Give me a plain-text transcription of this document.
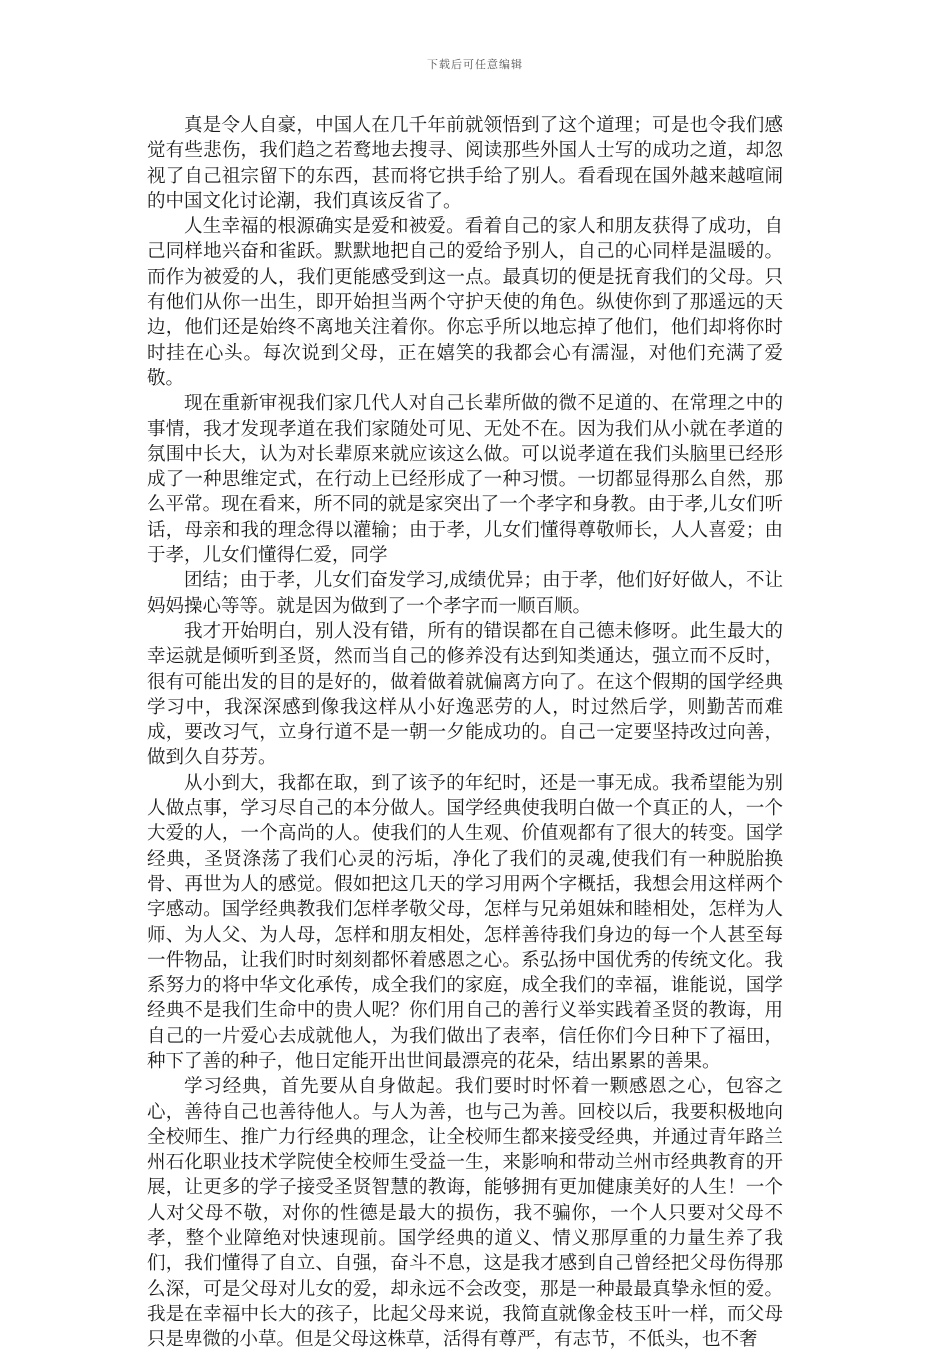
下载后可任意编辑

真是令人自豪，中国人在几千年前就领悟到了这个道理；可是也令我们感觉有些悲伤，我们趋之若鹜地去搜寻、阅读那些外国人士写的成功之道，却忽视了自己祖宗留下的东西，甚而将它拱手给了别人。看看现在国外越来越喧闹的中国文化讨论潮，我们真该反省了。

人生幸福的根源确实是爱和被爱。看着自己的家人和朋友获得了成功，自己同样地兴奋和雀跃。默默地把自己的爱给予别人，自己的心同样是温暖的。而作为被爱的人，我们更能感受到这一点。最真切的便是抚育我们的父母。只有他们从你一出生，即开始担当两个守护天使的角色。纵使你到了那遥远的天边，他们还是始终不离地关注着你。你忘乎所以地忘掉了他们，他们却将你时时挂在心头。每次说到父母，正在嬉笑的我都会心有濡湿，对他们充满了爱敬。

现在重新审视我们家几代人对自己长辈所做的微不足道的、在常理之中的事情，我才发现孝道在我们家随处可见、无处不在。因为我们从小就在孝道的氛围中长大，认为对长辈原来就应该这么做。可以说孝道在我们头脑里已经形成了一种思维定式，在行动上已经形成了一种习惯。一切都显得那么自然，那么平常。现在看来，所不同的就是家突出了一个孝字和身教。由于孝,儿女们听话，母亲和我的理念得以灌输；由于孝，儿女们懂得尊敬师长，人人喜爱；由于孝，儿女们懂得仁爱，同学

团结；由于孝，儿女们奋发学习,成绩优异；由于孝，他们好好做人，不让妈妈操心等等。就是因为做到了一个孝字而一顺百顺。

我才开始明白，别人没有错，所有的错误都在自己德未修呀。此生最大的幸运就是倾听到圣贤，然而当自己的修养没有达到知类通达，强立而不反时，很有可能出发的目的是好的，做着做着就偏离方向了。在这个假期的国学经典学习中，我深深感到像我这样从小好逸恶劳的人，时过然后学，则勤苦而难成，要改习气，立身行道不是一朝一夕能成功的。自己一定要坚持改过向善，做到久自芬芳。

从小到大，我都在取，到了该予的年纪时，还是一事无成。我希望能为别人做点事，学习尽自己的本分做人。国学经典使我明白做一个真正的人，一个大爱的人，一个高尚的人。使我们的人生观、价值观都有了很大的转变。国学经典，圣贤涤荡了我们心灵的污垢，净化了我们的灵魂,使我们有一种脱胎换骨、再世为人的感觉。假如把这几天的学习用两个字概括，我想会用这样两个字感动。国学经典教我们怎样孝敬父母，怎样与兄弟姐妹和睦相处，怎样为人师、为人父、为人母，怎样和朋友相处，怎样善待我们身边的每一个人甚至每一件物品，让我们时时刻刻都怀着感恩之心。系弘扬中国优秀的传统文化。我系努力的将中华文化承传，成全我们的家庭，成全我们的幸福，谁能说，国学经典不是我们生命中的贵人呢？你们用自己的善行义举实践着圣贤的教诲，用自己的一片爱心去成就他人，为我们做出了表率，信任你们今日种下了福田，种下了善的种子，他日定能开出世间最漂亮的花朵，结出累累的善果。

学习经典，首先要从自身做起。我们要时时怀着一颗感恩之心，包容之心，善待自己也善待他人。与人为善，也与己为善。回校以后，我要积极地向全校师生、推广力行经典的理念，让全校师生都来接受经典，并通过青年路兰州石化职业技术学院使全校师生受益一生，来影响和带动兰州市经典教育的开展，让更多的学子接受圣贤智慧的教诲，能够拥有更加健康美好的人生！一个人对父母不敬，对你的性德是最大的损伤，我不骗你，一个人只要对父母不孝，整个业障绝对快速现前。国学经典的道义、情义那厚重的力量生养了我们，我们懂得了自立、自强，奋斗不息，这是我才感到自己曾经把父母伤得那么深，可是父母对儿女的爱，却永远不会改变，那是一种最最真挚永恒的爱。我是在幸福中长大的孩子，比起父母来说，我简直就像金枝玉叶一样，而父母只是卑微的小草。但是父母这株草，活得有尊严，有志节，不低头，也不奢
